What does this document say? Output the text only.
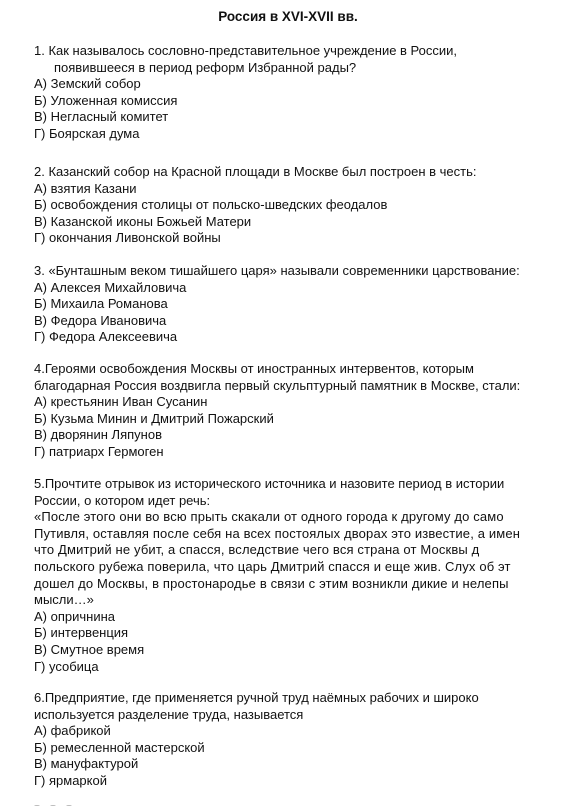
Россия в XVI-XVII вв.

1. Как называлось сословно-представительное учреждение в России,

появившееся в период реформ Избранной рады?

А) Земский собор

Б) Уложенная комиссия

В) Негласный комитет

Г) Боярская дума

2. Казанский собор на Красной площади в Москве был построен в честь:

А) взятия Казани

Б) освобождения столицы от польско-шведских феодалов

В) Казанской иконы Божьей Матери

Г) окончания Ливонской войны

3. «Бунташным веком тишайшего царя» называли современники царствование:

А) Алексея Михайловича

Б) Михаила Романова

В) Федора Ивановича

Г) Федора Алексеевича

4.Героями освобождения Москвы от иностранных интервентов, которым

благодарная Россия воздвигла первый скульптурный памятник в Москве, стали:

А) крестьянин Иван Сусанин

Б) Кузьма Минин и Дмитрий Пожарский

В) дворянин Ляпунов

Г) патриарх Гермоген

5.Прочтите отрывок из исторического источника и назовите период в истории

России, о котором идет речь:

«После этого они во всю прыть скакали от одного города к другому до само

Путивля, оставляя после себя на всех постоялых дворах это известие, а имен

что Дмитрий не убит, а спасся, вследствие чего вся страна от Москвы д

польского рубежа поверила, что царь Дмитрий спасся и еще жив. Слух об эт

дошел до Москвы, в простонародье в связи с этим возникли дикие и нелепы

мысли…»

А) опричнина

Б) интервенция

В) Смутное время

Г) усобица

6.Предприятие, где применяется ручной труд наёмных рабочих и широко

используется разделение труда, называется

А) фабрикой

Б) ремесленной мастерской

В) мануфактурой

Г) ярмаркой
